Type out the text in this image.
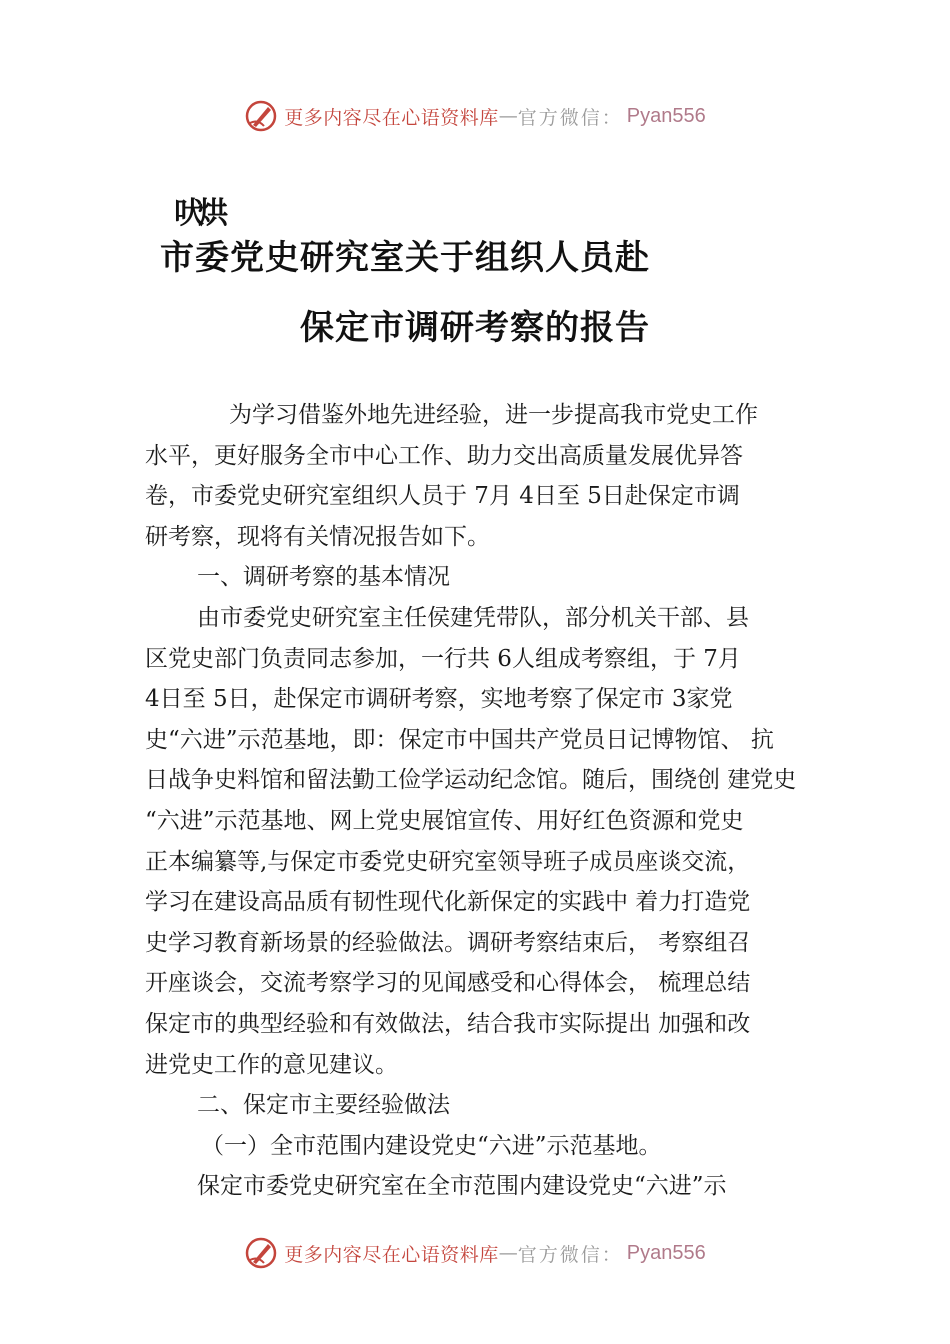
更多内容尽在心语资料库 — 官方微信： Pyan556
吠烘
市委党史研究室关于组织人员赴
保定市调研考察的报告

为学习借鉴外地先进经验，进一步提高我市党史工作

水平，更好服务全市中心工作、助力交出高质量发展优异答

卷，市委党史研究室组织人员于 7月 4日至 5日赴保定市调

研考察，现将有关情况报告如下。

一、调研考察的基本情况

由市委党史研究室主任侯建凭带队，部分机关干部、县

区党史部门负责同志参加，一行共 6人组成考察组，于 7月

4日至 5日，赴保定市调研考察，实地考察了保定市 3家党

史“六进”示范基地，即：保定市中国共产党员日记博物馆、 抗

日战争史料馆和留法勤工俭学运动纪念馆。随后，围绕创 建党史

“六进”示范基地、网上党史展馆宣传、用好红色资源和党史

正本编纂等,与保定市委党史研究室领导班子成员座谈交流，

学习在建设高品质有韧性现代化新保定的实践中 着力打造党

史学习教育新场景的经验做法。调研考察结束后， 考察组召

开座谈会，交流考察学习的见闻感受和心得体会， 梳理总结

保定市的典型经验和有效做法，结合我市实际提出 加强和改

进党史工作的意见建议。

二、保定市主要经验做法

（一）全市范围内建设党史“六进”示范基地。

保定市委党史研究室在全市范围内建设党史“六进”示

更多内容尽在心语资料库 — 官方微信： Pyan556
